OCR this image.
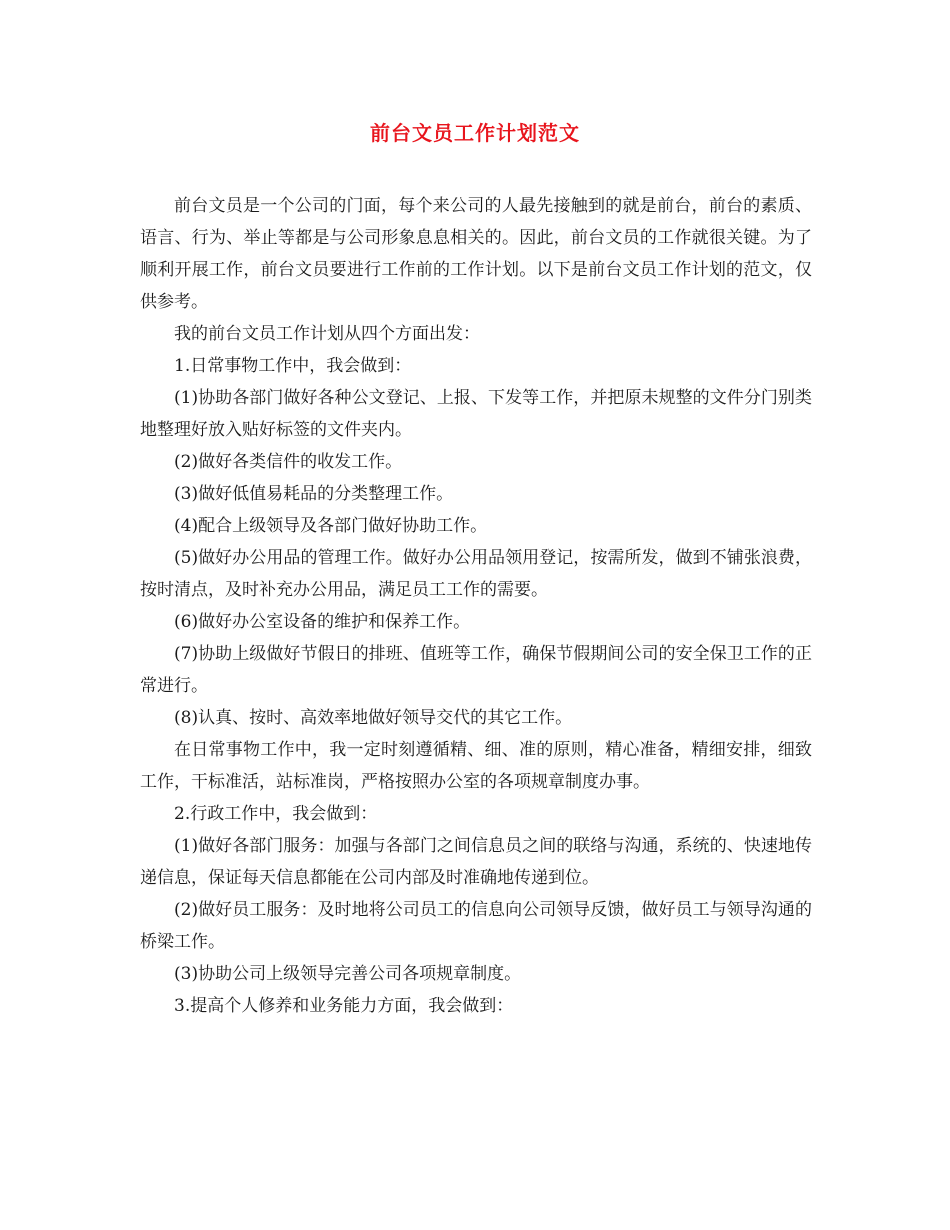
前台文员工作计划范文

前台文员是一个公司的门面，每个来公司的人最先接触到的就是前台，前台的素质、语言、行为、举止等都是与公司形象息息相关的。因此，前台文员的工作就很关键。为了顺利开展工作，前台文员要进行工作前的工作计划。以下是前台文员工作计划的范文，仅供参考。

我的前台文员工作计划从四个方面出发：

1.日常事物工作中，我会做到：

(1)协助各部门做好各种公文登记、上报、下发等工作，并把原未规整的文件分门别类地整理好放入贴好标签的文件夹内。

(2)做好各类信件的收发工作。

(3)做好低值易耗品的分类整理工作。

(4)配合上级领导及各部门做好协助工作。

(5)做好办公用品的管理工作。做好办公用品领用登记，按需所发，做到不铺张浪费，按时清点，及时补充办公用品，满足员工工作的需要。

(6)做好办公室设备的维护和保养工作。

(7)协助上级做好节假日的排班、值班等工作，确保节假期间公司的安全保卫工作的正常进行。

(8)认真、按时、高效率地做好领导交代的其它工作。

在日常事物工作中，我一定时刻遵循精、细、准的原则，精心准备，精细安排，细致工作，干标准活，站标准岗，严格按照办公室的各项规章制度办事。

2.行政工作中，我会做到：

(1)做好各部门服务：加强与各部门之间信息员之间的联络与沟通，系统的、快速地传递信息，保证每天信息都能在公司内部及时准确地传递到位。

(2)做好员工服务：及时地将公司员工的信息向公司领导反馈，做好员工与领导沟通的桥梁工作。

(3)协助公司上级领导完善公司各项规章制度。

3.提高个人修养和业务能力方面，我会做到：
